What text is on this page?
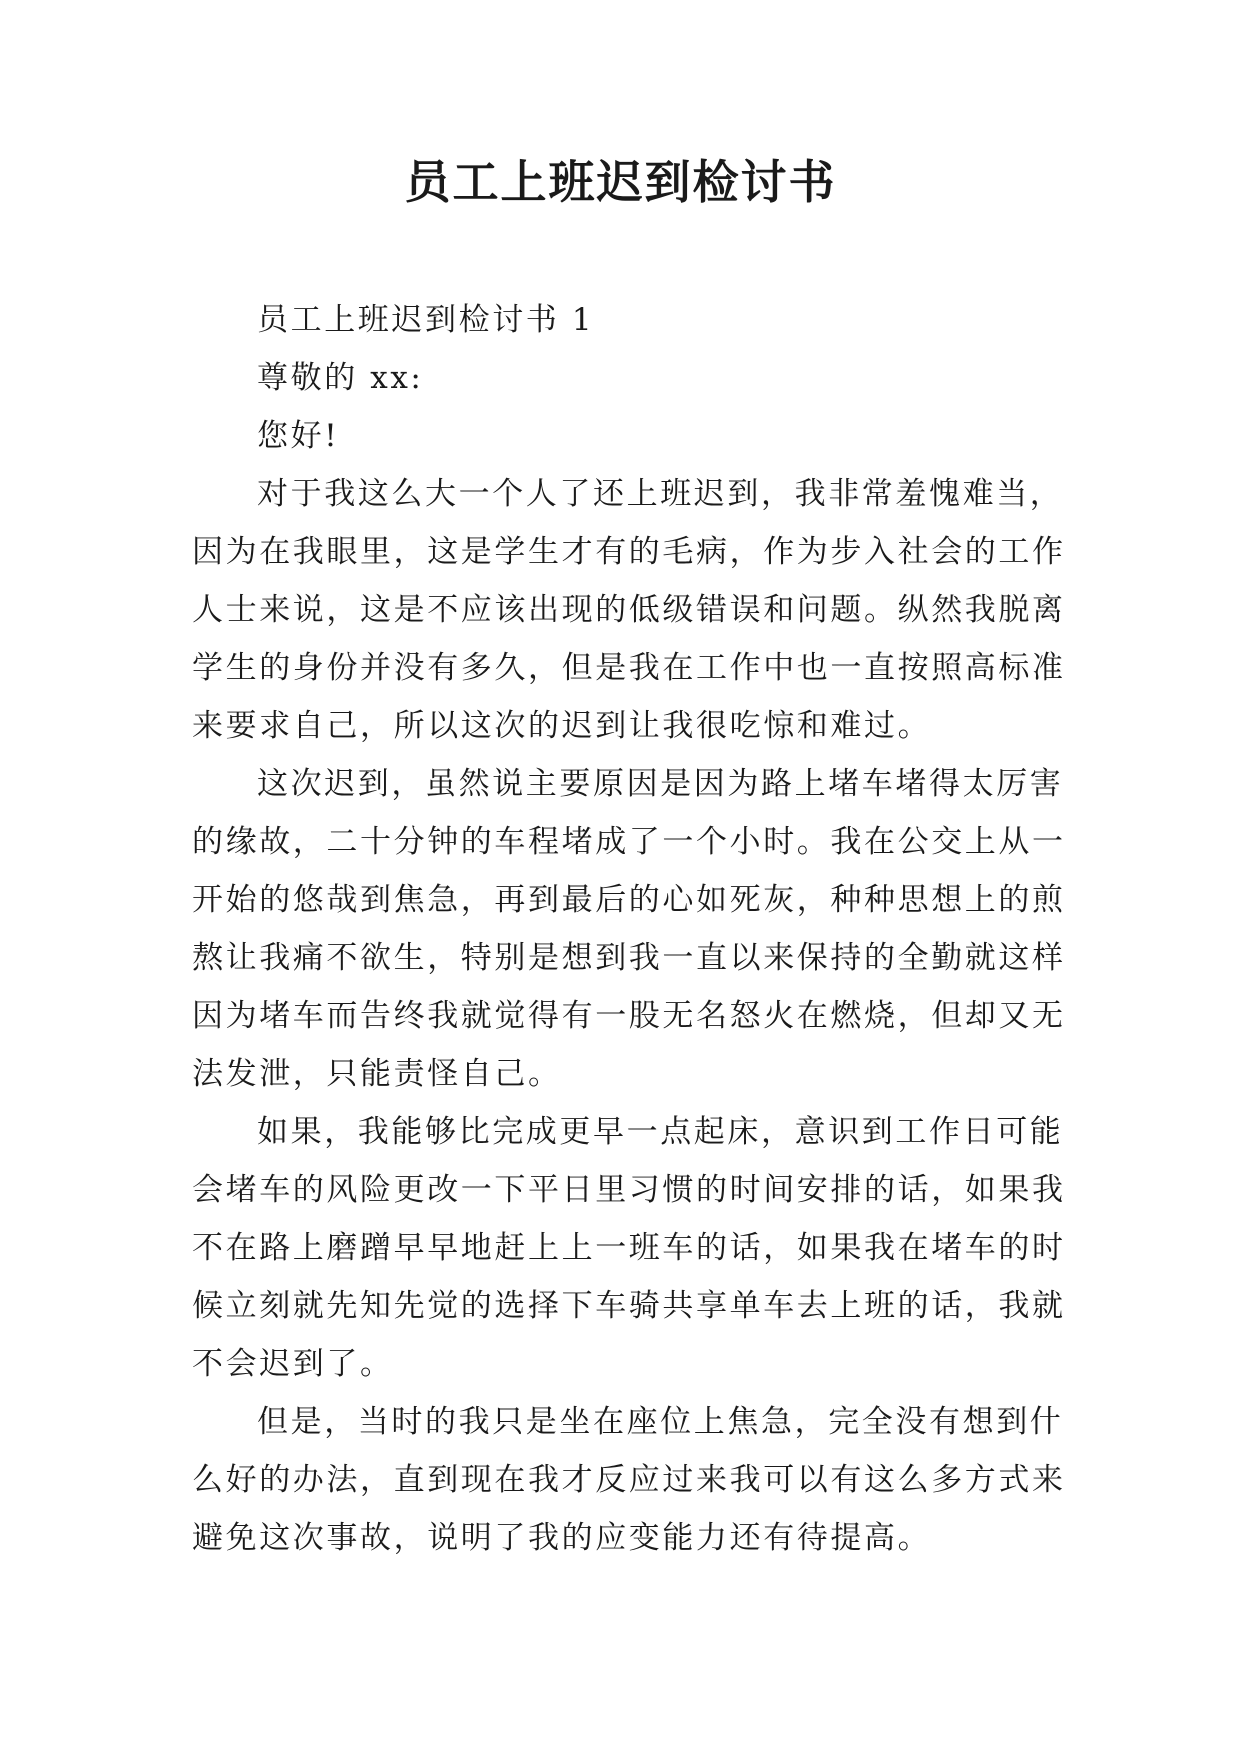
员工上班迟到检讨书
员工上班迟到检讨书 1
尊敬的 xx:
您好!
对于我这么大一个人了还上班迟到，我非常羞愧难当，
因为在我眼里，这是学生才有的毛病，作为步入社会的工作
人士来说，这是不应该出现的低级错误和问题。纵然我脱离
学生的身份并没有多久，但是我在工作中也一直按照高标准
来要求自己，所以这次的迟到让我很吃惊和难过。
这次迟到，虽然说主要原因是因为路上堵车堵得太厉害
的缘故，二十分钟的车程堵成了一个小时。我在公交上从一
开始的悠哉到焦急，再到最后的心如死灰，种种思想上的煎
熬让我痛不欲生，特别是想到我一直以来保持的全勤就这样
因为堵车而告终我就觉得有一股无名怒火在燃烧，但却又无
法发泄，只能责怪自己。
如果，我能够比完成更早一点起床，意识到工作日可能
会堵车的风险更改一下平日里习惯的时间安排的话，如果我
不在路上磨蹭早早地赶上上一班车的话，如果我在堵车的时
候立刻就先知先觉的选择下车骑共享单车去上班的话，我就
不会迟到了。
但是，当时的我只是坐在座位上焦急，完全没有想到什
么好的办法，直到现在我才反应过来我可以有这么多方式来
避免这次事故，说明了我的应变能力还有待提高。
